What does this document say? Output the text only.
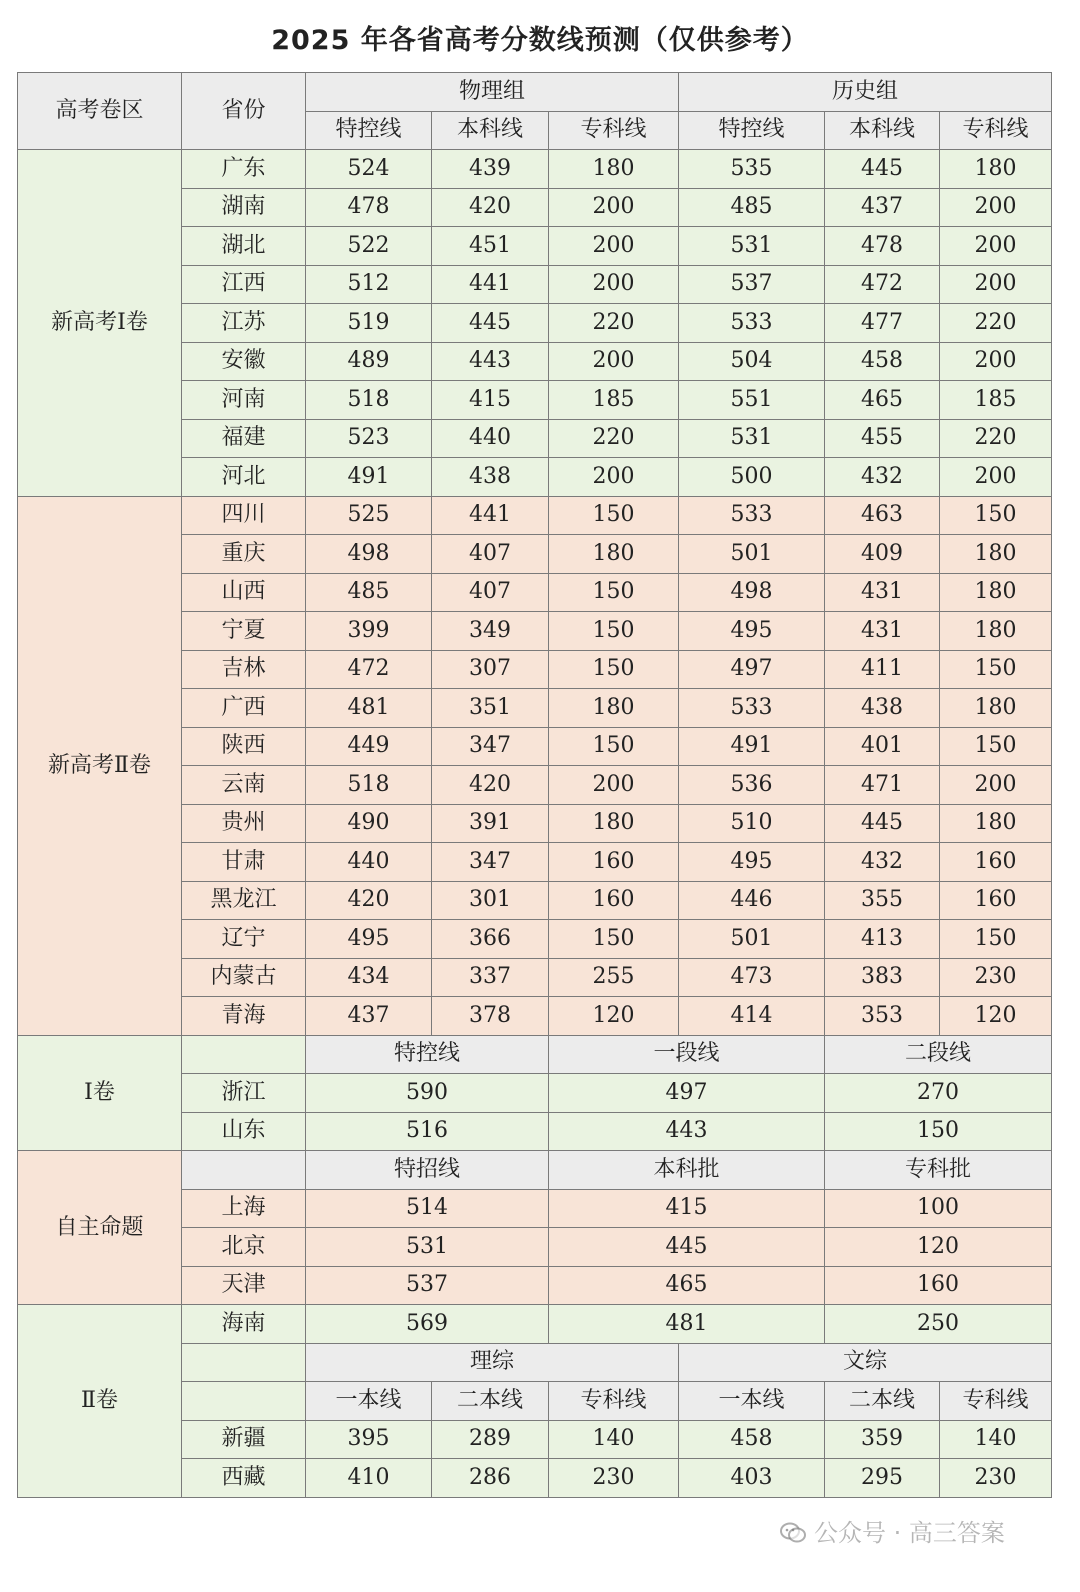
2025 年各省高考分数线预测（仅供参考）
高考卷区	省份	物理组			历史组		
		特控线	本科线	专科线	特控线	本科线	专科线
新高考Ⅰ卷	广东	524	439	180	535	445	180
	湖南	478	420	200	485	437	200
	湖北	522	451	200	531	478	200
	江西	512	441	200	537	472	200
	江苏	519	445	220	533	477	220
	安徽	489	443	200	504	458	200
	河南	518	415	185	551	465	185
	福建	523	440	220	531	455	220
	河北	491	438	200	500	432	200
新高考Ⅱ卷	四川	525	441	150	533	463	150
	重庆	498	407	180	501	409	180
	山西	485	407	150	498	431	180
	宁夏	399	349	150	495	431	180
	吉林	472	307	150	497	411	150
	广西	481	351	180	533	438	180
	陕西	449	347	150	491	401	150
	云南	518	420	200	536	471	200
	贵州	490	391	180	510	445	180
	甘肃	440	347	160	495	432	160
	黑龙江	420	301	160	446	355	160
	辽宁	495	366	150	501	413	150
	内蒙古	434	337	255	473	383	230
	青海	437	378	120	414	353	120
Ⅰ卷		特控线		一段线		二段线	
	浙江	590		497		270	
	山东	516		443		150	
自主命题		特招线		本科批		专科批	
	上海	514		415		100	
	北京	531		445		120	
	天津	537		465		160	
Ⅱ卷	海南	569		481		250	
		理综			文综		
		一本线	二本线	专科线	一本线	二本线	专科线
	新疆	395	289	140	458	359	140
	西藏	410	286	230	403	295	230
公众号 · 高三答案
